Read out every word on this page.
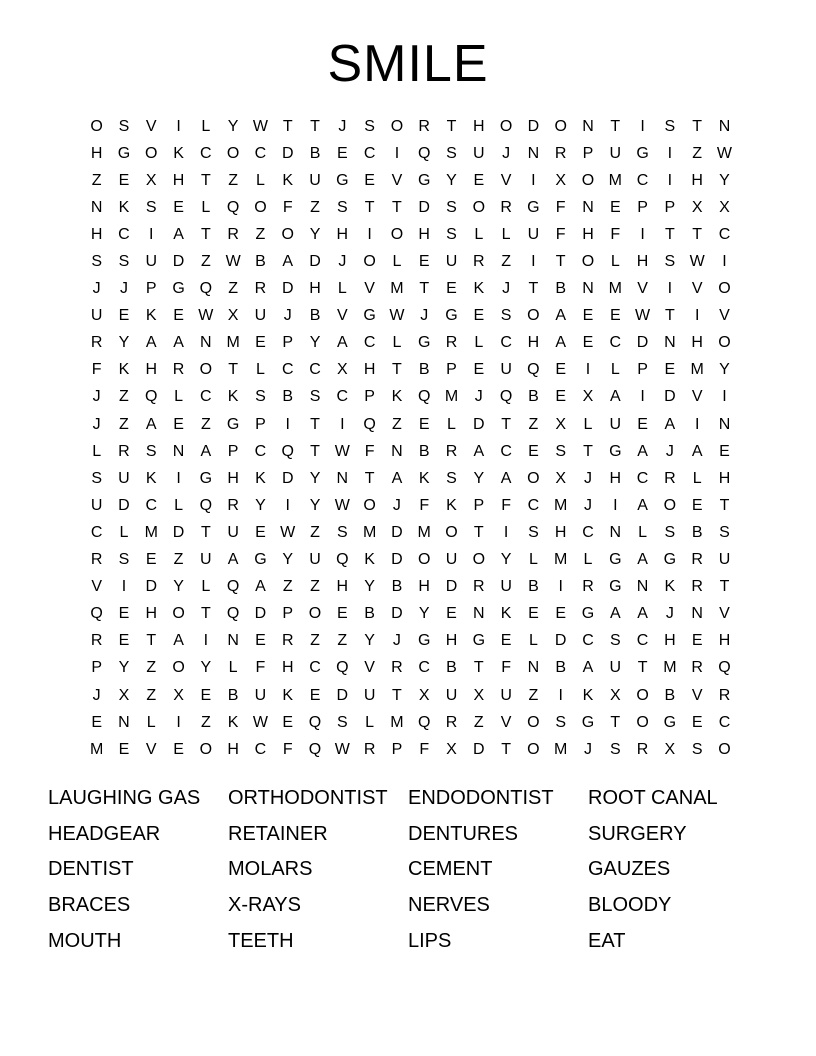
SMILE
O S	V	I	L	Y W T	T	J	S O R	T	H O D O N	T	I	S	T	N
H G O K	C O C D	B	E	C	I	Q S	U	J	N R	P	U G	I	Z W
Z	E	X	H	T	Z	L	K	U G E	V G Y	E	V	I	X O M C	I	H	Y
N	K	S	E	L	Q O	F	Z	S	T	T	D	S O R G	F	N	E	P	P	X	X
H C	I	A	T	R	Z	O Y	H	I	O H	S	L	L	U	F	H	F	I	T	T	C
S	S	U D	Z W B	A	D	J	O	L	E	U R	Z	I	T	O	L	H	S W	I
J	J	P G Q	Z	R D H	L	V M T	E	K	J	T	B	N M V	I	V O
U	E	K	E W X	U	J	B	V G W J	G E	S O A	E	E W T	I	V
R	Y	A	A	N M E	P	Y	A	C	L	G R	L	C H	A	E	C D N H O
F	K	H R O	T	L	C C	X	H	T	B	P	E	U Q E	I	L	P	E M Y
J	Z	Q	L	C	K	S	B	S	C	P	K Q M	J	Q B	E	X	A	I	D	V	I
J	Z	A	E	Z	G P	I	T	I	Q	Z	E	L	D	T	Z	X	L	U	E	A	I	N
L	R	S	N	A	P	C Q	T W F	N	B	R	A	C	E	S	T	G A	J	A	E
S	U	K	I	G H	K	D	Y	N	T	A	K	S	Y	A O X	J	H C R	L	H
U D C	L	Q R	Y	I	Y W O	J	F	K	P	F	C M	J	I	A O E	T
C	L	M D	T	U	E W Z	S M D M O	T	I	S	H C N	L	S	B	S
R	S	E	Z	U	A G Y	U Q K	D O U O Y	L	M	L	G A G R U
V	I	D	Y	L	Q A	Z	Z	H	Y	B	H D R U	B	I	R G N	K	R	T
Q E	H O	T	Q D	P O E	B	D	Y	E	N	K	E	E G A	A	J	N	V
R	E	T	A	I	N	E	R	Z	Z	Y	J	G H G E	L	D C	S	C H	E	H
P	Y	Z	O Y	L	F	H C Q V	R C	B	T	F	N	B	A	U	T M R Q
J	X	Z	X	E	B	U	K	E	D U	T	X	U	X	U	Z	I	K	X O B	V	R
E	N	L	I	Z	K W E Q S	L	M Q R	Z	V O S G	T	O G E	C
M E	V	E O H C	F	Q W R	P	F	X	D	T	O M	J	S	R	X	S O
LAUGHING GAS	ORTHODONTIST	ENDODONTIST	ROOT CANAL
HEADGEAR	RETAINER	DENTURES	SURGERY
DENTIST	MOLARS	CEMENT	GAUZES
BRACES	X-RAYS	NERVES	BLOODY
MOUTH	TEETH	LIPS	EAT
